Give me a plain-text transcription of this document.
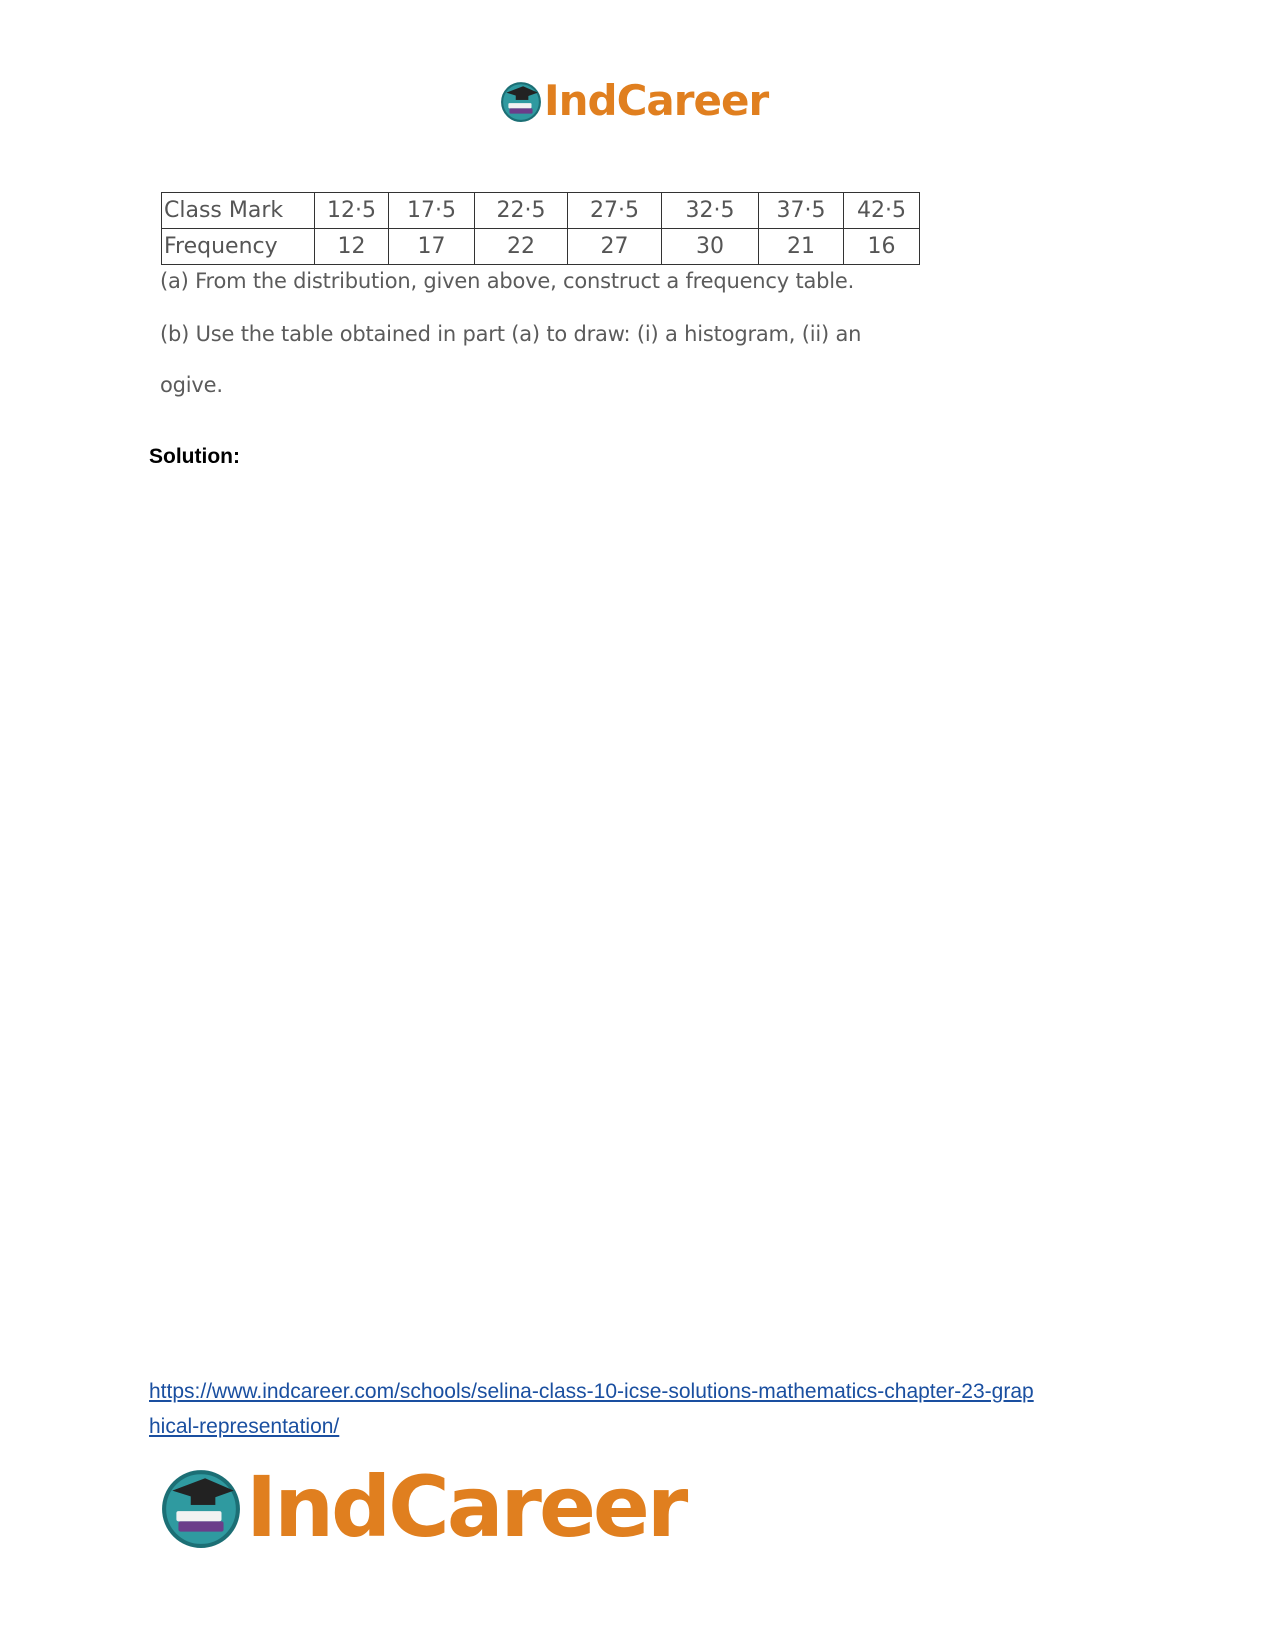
IndCareer
Class Mark	12·5	17·5	22·5	27·5	32·5	37·5	42·5
Frequency	12	17	22	27	30	21	16
(a) From the distribution, given above, construct a frequency table.
(b) Use the table obtained in part (a) to draw: (i) a histogram, (ii) an
ogive.
Solution:
https://www.indcareer.com/schools/selina-class-10-icse-solutions-mathematics-chapter-23-grap
hical-representation/
IndCareer
